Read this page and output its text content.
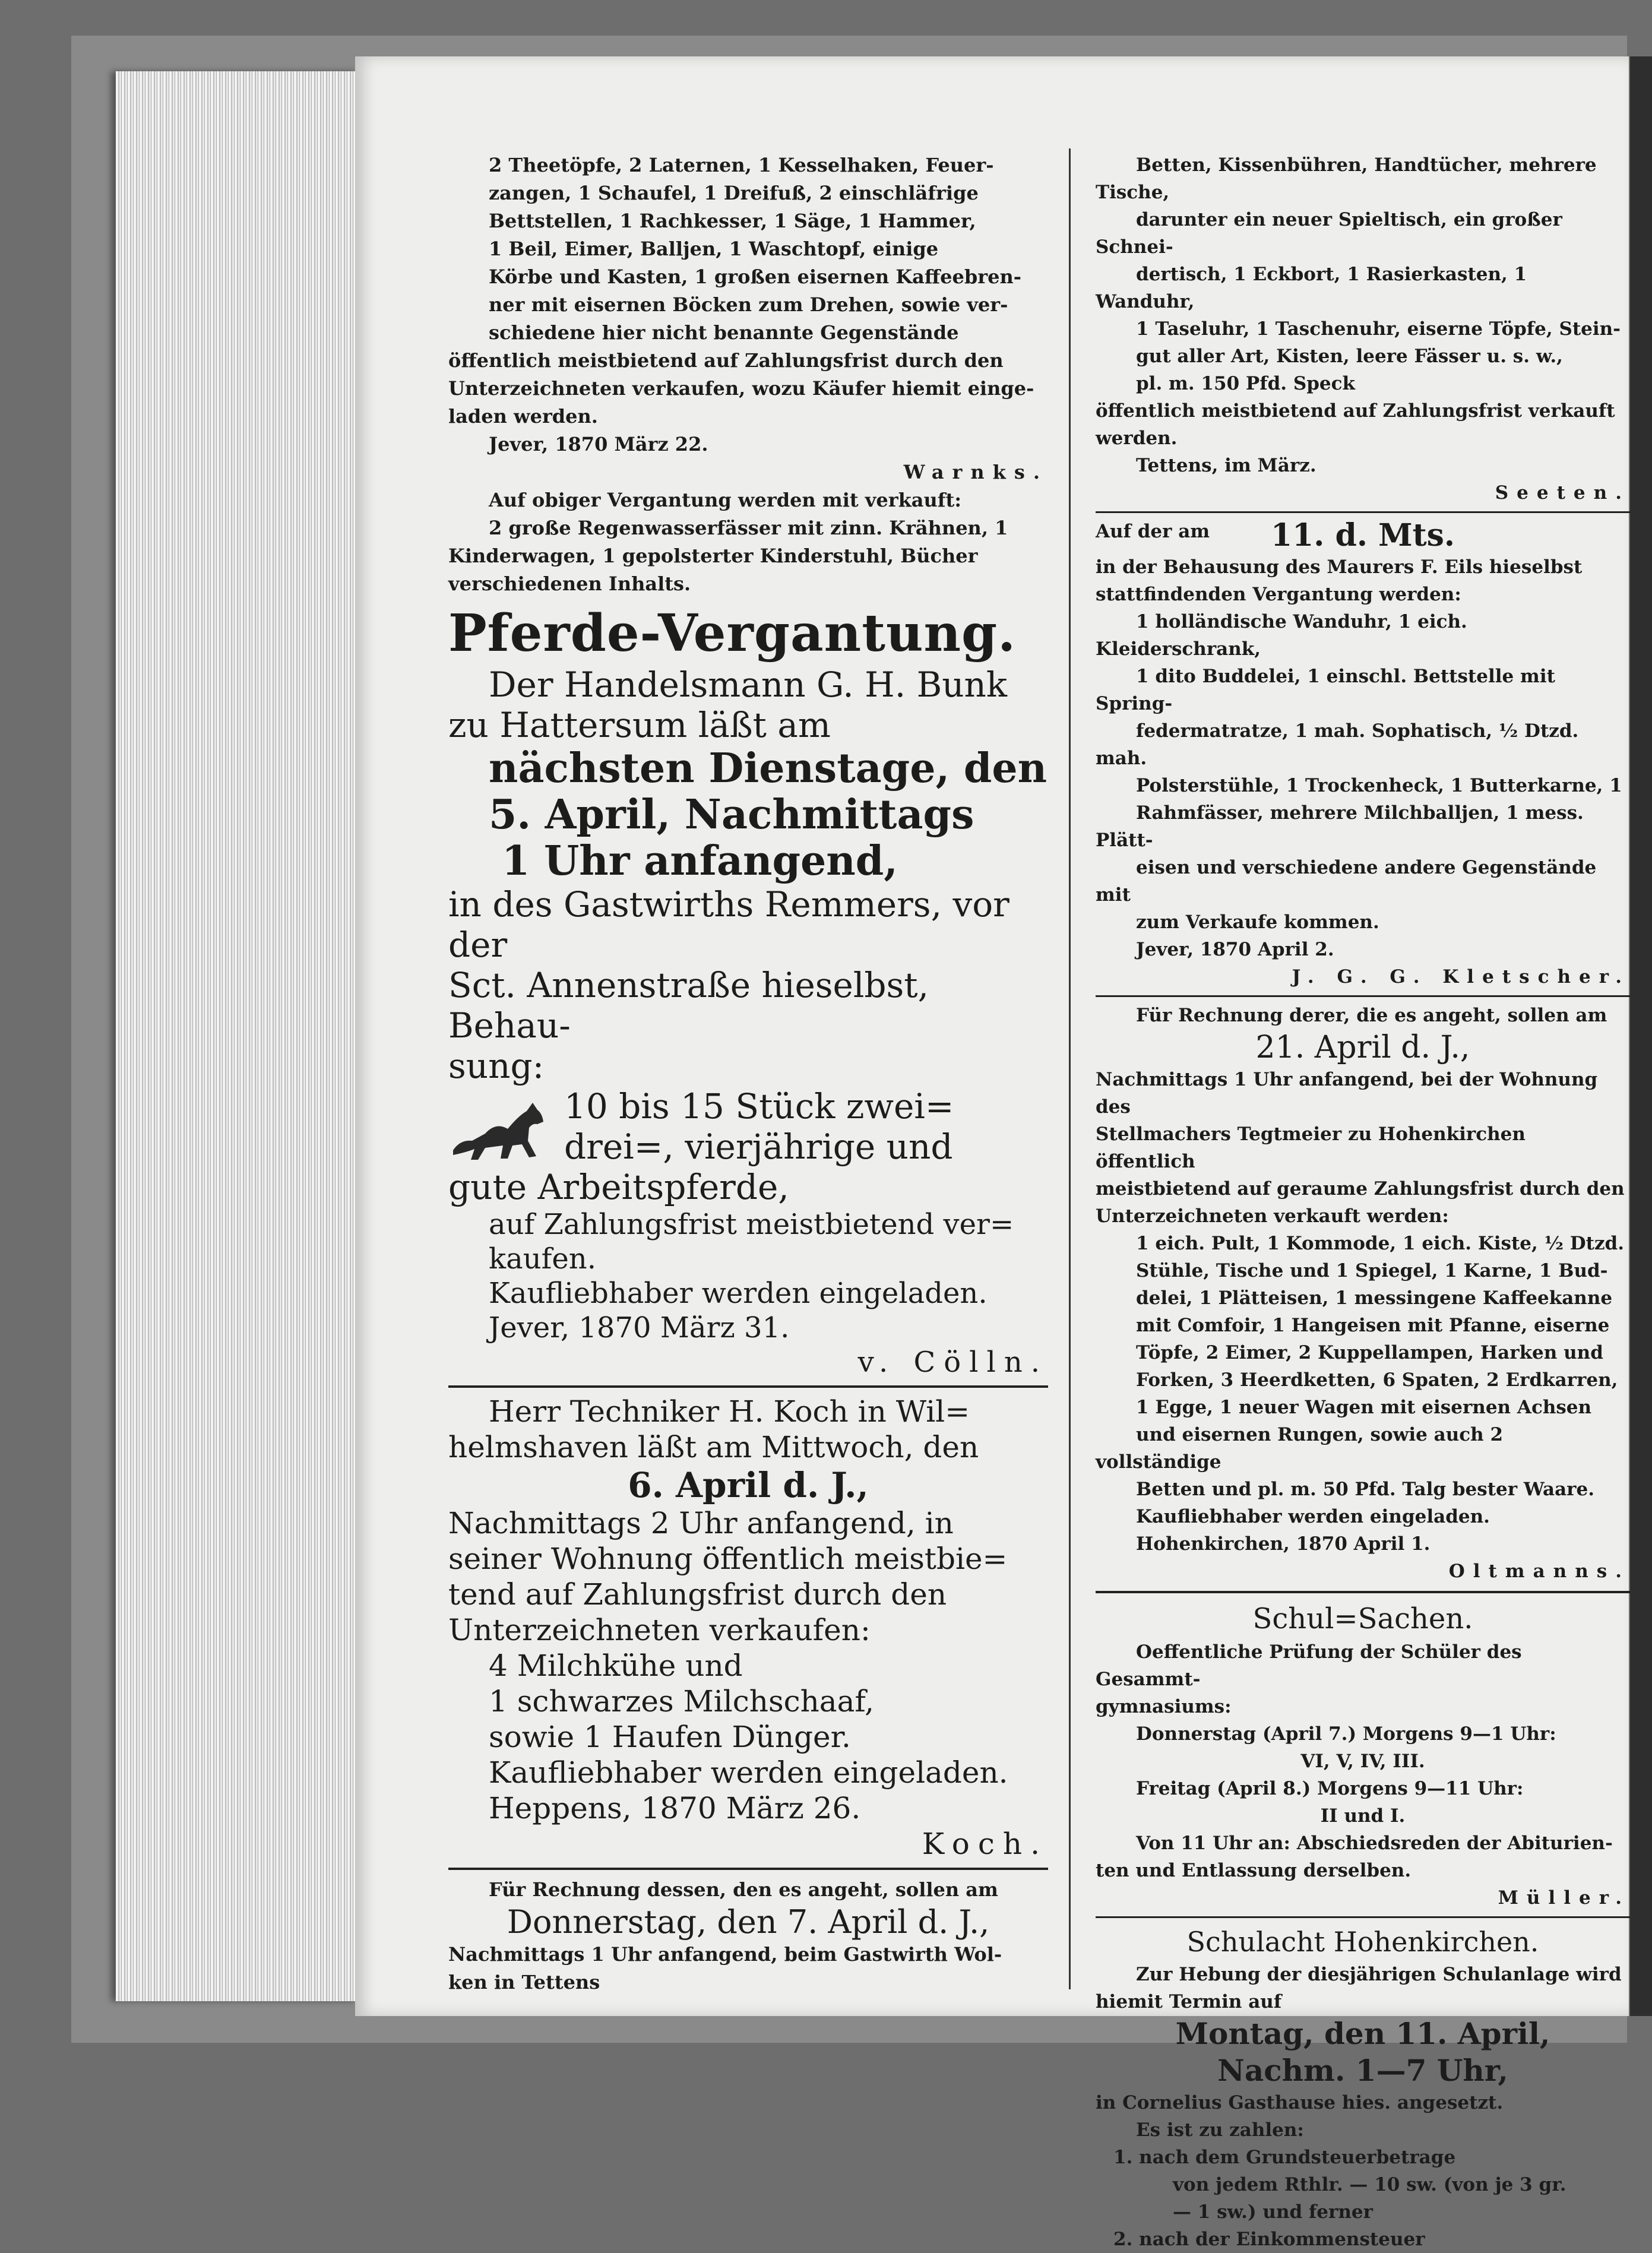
2 Theetöpfe, 2 Laternen, 1 Kesselhaken, Feuer-

zangen, 1 Schaufel, 1 Dreifuß, 2 einschläfrige

Bettstellen, 1 Rachkesser, 1 Säge, 1 Hammer,

1 Beil, Eimer, Balljen, 1 Waschtopf, einige

Körbe und Kasten, 1 großen eisernen Kaffeebren-

ner mit eisernen Böcken zum Drehen, sowie ver-

schiedene hier nicht benannte Gegenstände

öffentlich meistbietend auf Zahlungsfrist durch den

Unterzeichneten verkaufen, wozu Käufer hiemit einge-

laden werden.

Jever, 1870 März 22.

Warnks.

Auf obiger Vergantung werden mit verkauft:

2 große Regenwasserfässer mit zinn. Krähnen, 1

Kinderwagen, 1 gepolsterter Kinderstuhl, Bücher

verschiedenen Inhalts.

Pferde-Vergantung.

Der Handelsmann G. H. Bunk

zu Hattersum läßt am

nächsten Dienstage, den

5. April, Nachmittags

1 Uhr anfangend,

in des Gastwirths Remmers, vor der

Sct. Annenstraße hieselbst, Behau-

sung:

10 bis 15 Stück zwei=

drei=, vierjährige und

gute Arbeitspferde,

auf Zahlungsfrist meistbietend ver=

kaufen.

Kaufliebhaber werden eingeladen.

Jever, 1870 März 31.

v. Cölln.

Herr Techniker H. Koch in Wil=

helmshaven läßt am Mittwoch, den

6. April d. J.,

Nachmittags 2 Uhr anfangend, in

seiner Wohnung öffentlich meistbie=

tend auf Zahlungsfrist durch den

Unterzeichneten verkaufen:

4 Milchkühe und

1 schwarzes Milchschaaf,

sowie 1 Haufen Dünger.

Kaufliebhaber werden eingeladen.

Heppens, 1870 März 26.

Koch.

Für Rechnung dessen, den es angeht, sollen am

Donnerstag, den 7. April d. J.,

Nachmittags 1 Uhr anfangend, beim Gastwirth Wol-

ken in Tettens

Betten, Kissenbühren, Handtücher, mehrere Tische,

darunter ein neuer Spieltisch, ein großer Schnei-

dertisch, 1 Eckbort, 1 Rasierkasten, 1 Wanduhr,

1 Taseluhr, 1 Taschenuhr, eiserne Töpfe, Stein-

gut aller Art, Kisten, leere Fässer u. s. w.,

pl. m. 150 Pfd. Speck

öffentlich meistbietend auf Zahlungsfrist verkauft

werden.

Tettens, im März.

Seeten.

Auf der am	11. d. Mts.

in der Behausung des Maurers F. Eils hieselbst

stattfindenden Vergantung werden:

1 holländische Wanduhr, 1 eich. Kleiderschrank,

1 dito Buddelei, 1 einschl. Bettstelle mit Spring-

federmatratze, 1 mah. Sophatisch, ½ Dtzd. mah.

Polsterstühle, 1 Trockenheck, 1 Butterkarne, 1

Rahmfässer, mehrere Milchballjen, 1 mess. Plätt-

eisen und verschiedene andere Gegenstände mit

zum Verkaufe kommen.

Jever, 1870 April 2.

J. G. G. Kletscher.

Für Rechnung derer, die es angeht, sollen am

21. April d. J.,

Nachmittags 1 Uhr anfangend, bei der Wohnung des

Stellmachers Tegtmeier zu Hohenkirchen öffentlich

meistbietend auf geraume Zahlungsfrist durch den

Unterzeichneten verkauft werden:

1 eich. Pult, 1 Kommode, 1 eich. Kiste, ½ Dtzd.

Stühle, Tische und 1 Spiegel, 1 Karne, 1 Bud-

delei, 1 Plätteisen, 1 messingene Kaffeekanne

mit Comfoir, 1 Hangeisen mit Pfanne, eiserne

Töpfe, 2 Eimer, 2 Kuppellampen, Harken und

Forken, 3 Heerdketten, 6 Spaten, 2 Erdkarren,

1 Egge, 1 neuer Wagen mit eisernen Achsen

und eisernen Rungen, sowie auch 2 vollständige

Betten und pl. m. 50 Pfd. Talg bester Waare.

Kaufliebhaber werden eingeladen.

Hohenkirchen, 1870 April 1.

Oltmanns.

Schul=Sachen.

Oeffentliche Prüfung der Schüler des Gesammt-

gymnasiums:

Donnerstag (April 7.) Morgens 9—1 Uhr:

VI, V, IV, III.

Freitag (April 8.) Morgens 9—11 Uhr:

II und I.

Von 11 Uhr an: Abschiedsreden der Abiturien-

ten und Entlassung derselben.

Müller.

Schulacht Hohenkirchen.

Zur Hebung der diesjährigen Schulanlage wird

hiemit Termin auf

Montag, den 11. April,

Nachm. 1—7 Uhr,

in Cornelius Gasthause hies. angesetzt.

Es ist zu zahlen:

1. nach dem Grundsteuerbetrage

von jedem Rthlr. — 10 sw. (von je 3 gr.

— 1 sw.) und ferner

2. nach der Einkommensteuer
